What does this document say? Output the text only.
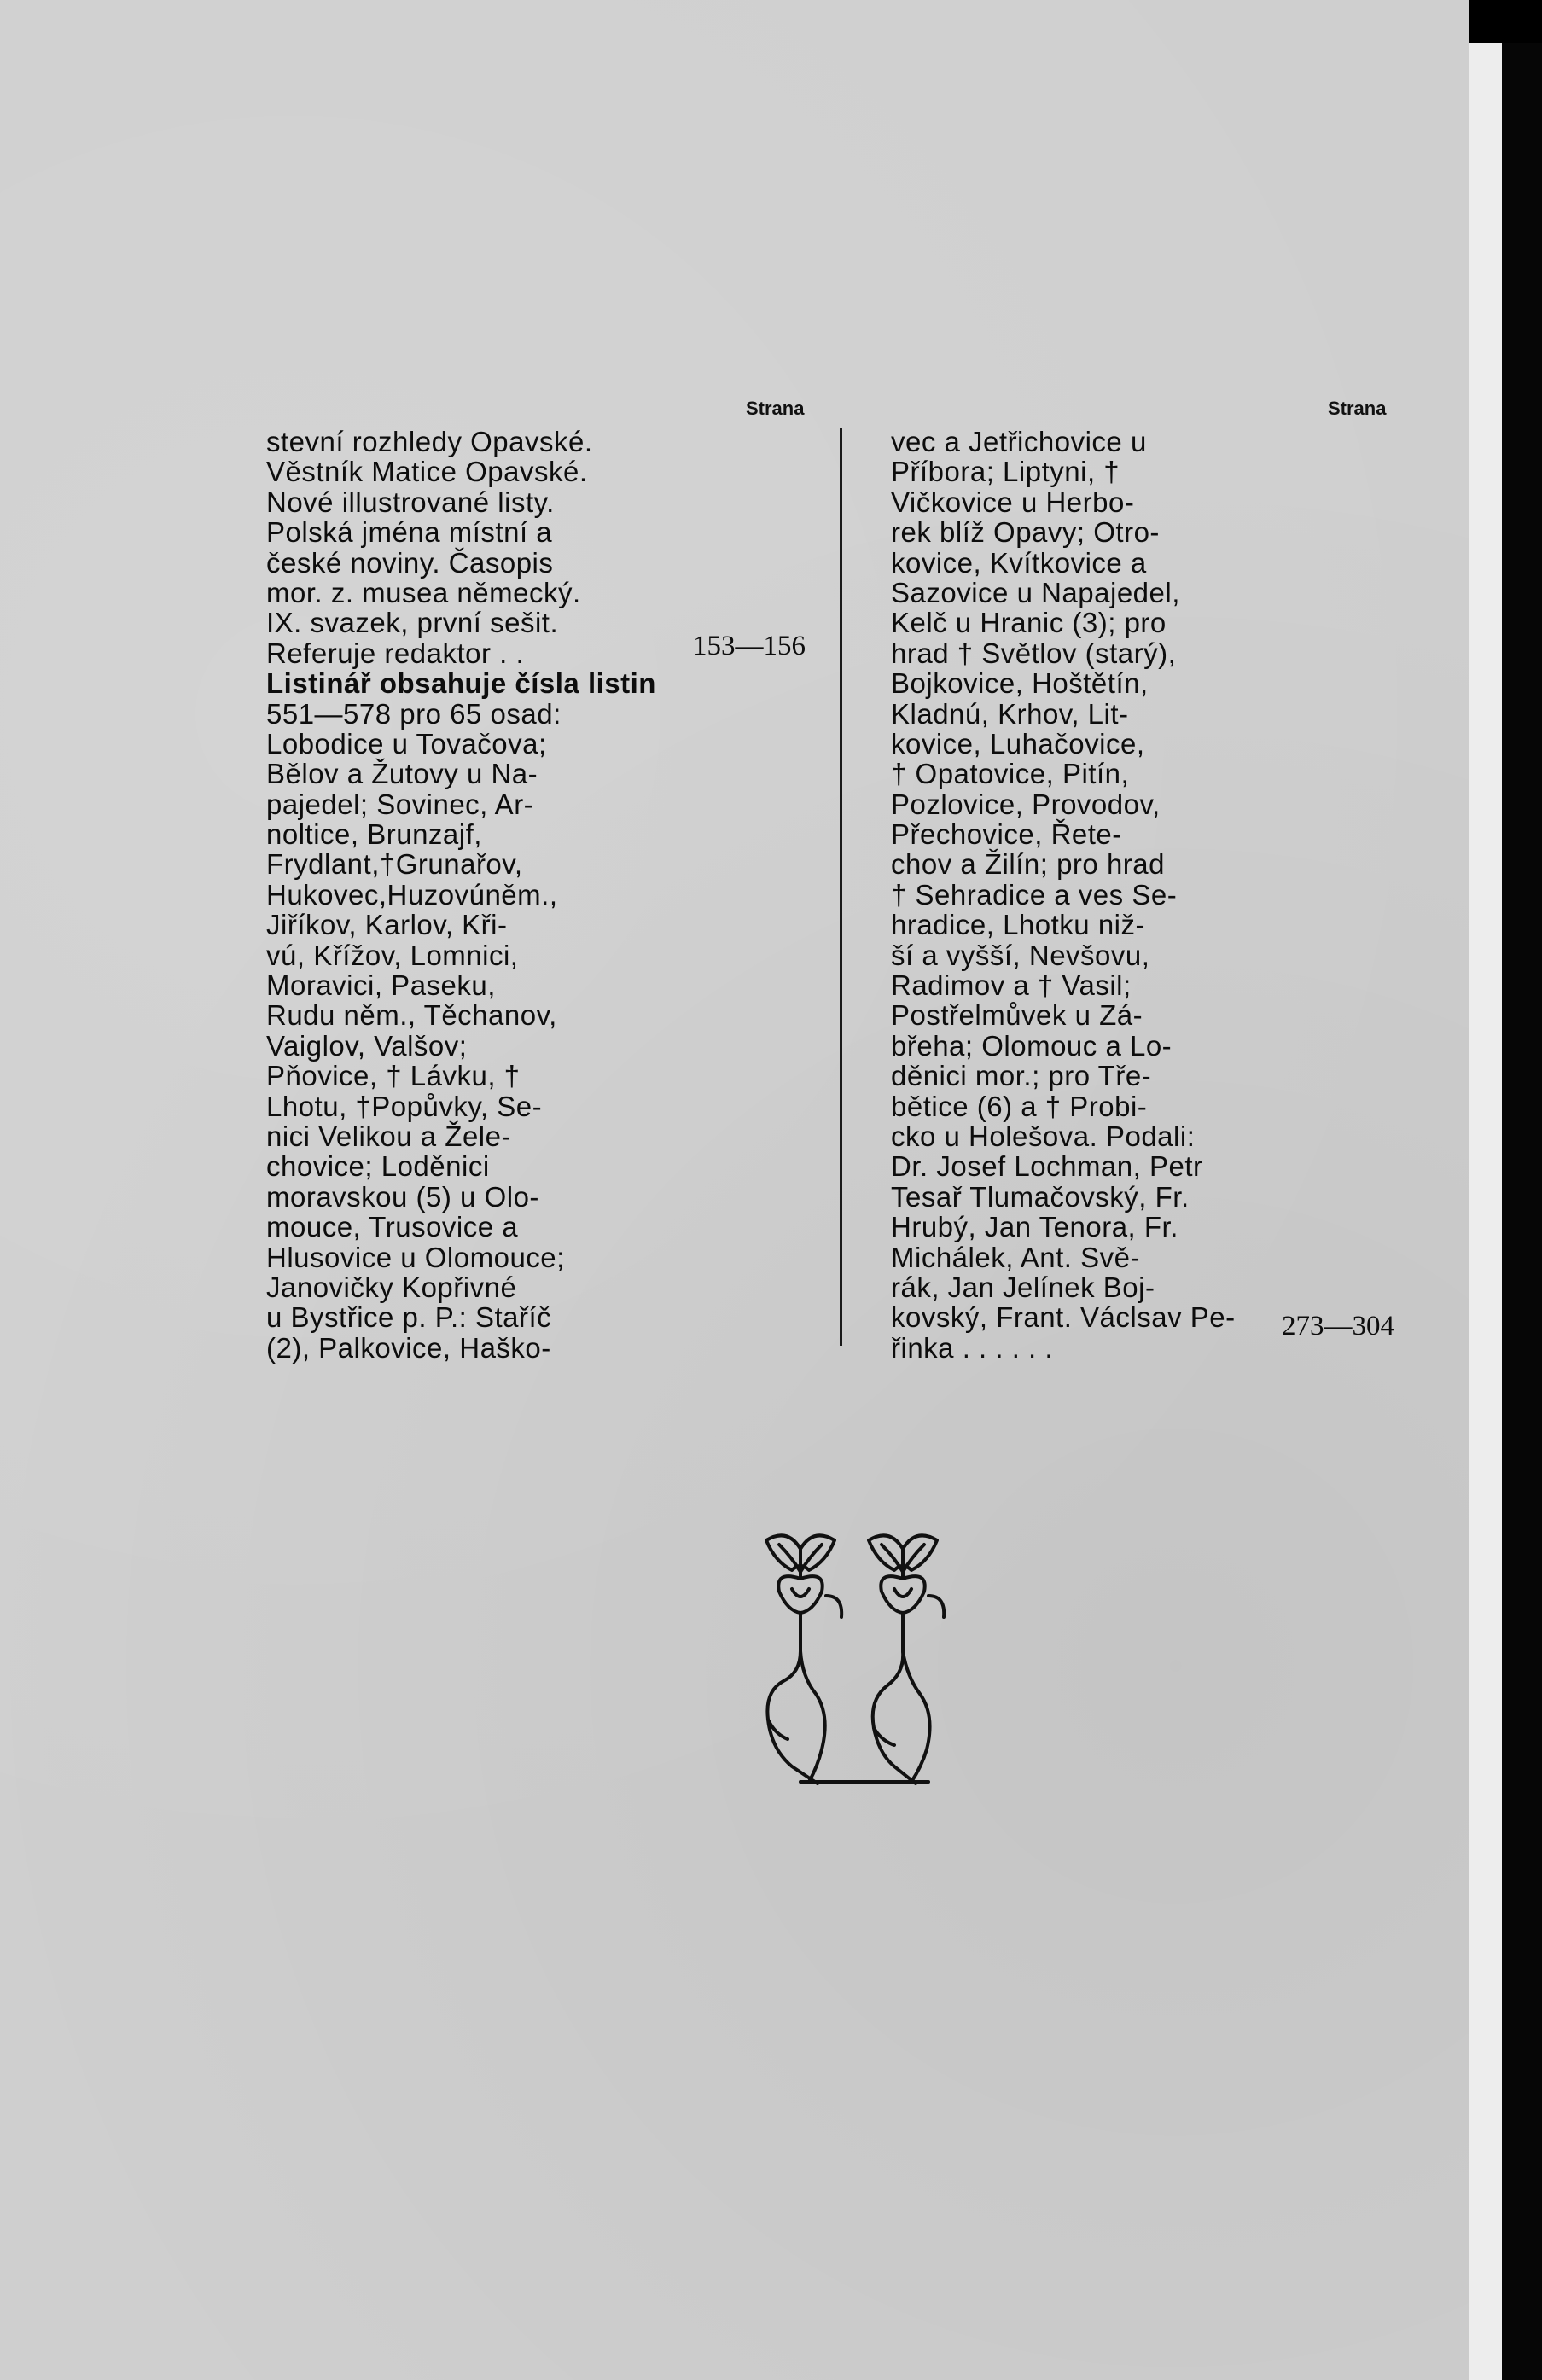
Strana	Strana
stevní rozhledy Opavské.
Věstník Matice Opavské.
Nové illustrované listy.
Polská jména místní a
české noviny. Časopis
mor. z. musea německý.
IX. svazek, první sešit.
Referuje redaktor . .
Listinář obsahuje čísla listin
551—578 pro 65 osad:
Lobodice u Tovačova;
Bělov a Žutovy u Na-
pajedel; Sovinec, Ar-
noltice, Brunzajf,
Frydlant,†Grunařov,
Hukovec,Huzovúněm.,
Jiříkov, Karlov, Kři-
vú, Křížov, Lomnici,
Moravici, Paseku,
Rudu něm., Těchanov,
Vaiglov, Valšov;
Pňovice, † Lávku, †
Lhotu, †Popůvky, Se-
nici Velikou a Žele-
chovice; Loděnici
moravskou (5) u Olo-
mouce, Trusovice a
Hlusovice u Olomouce;
Janovičky Kopřivné
u Bystřice p. P.: Staříč
(2), Palkovice, Haško-
153—156
vec a Jetřichovice u
Příbora; Liptyni, †
Vičkovice u Herbo-
rek blíž Opavy; Otro-
kovice, Kvítkovice a
Sazovice u Napajedel,
Kelč u Hranic (3); pro
hrad † Světlov (starý),
Bojkovice, Hoštětín,
Kladnú, Krhov, Lit-
kovice, Luhačovice,
† Opatovice, Pitín,
Pozlovice, Provodov,
Přechovice, Řete-
chov a Žilín; pro hrad
† Sehradice a ves Se-
hradice, Lhotku niž-
ší a vyšší, Nevšovu,
Radimov a † Vasil;
Postřelmůvek u Zá-
břeha; Olomouc a Lo-
děnici mor.; pro Tře-
bětice (6) a † Probi-
cko u Holešova. Podali:
Dr. Josef Lochman, Petr
Tesař Tlumačovský, Fr.
Hrubý, Jan Tenora, Fr.
Michálek, Ant. Svě-
rák, Jan Jelínek Boj-
kovský, Frant. Václsav Pe-
řinka . . . . . .
273—304
